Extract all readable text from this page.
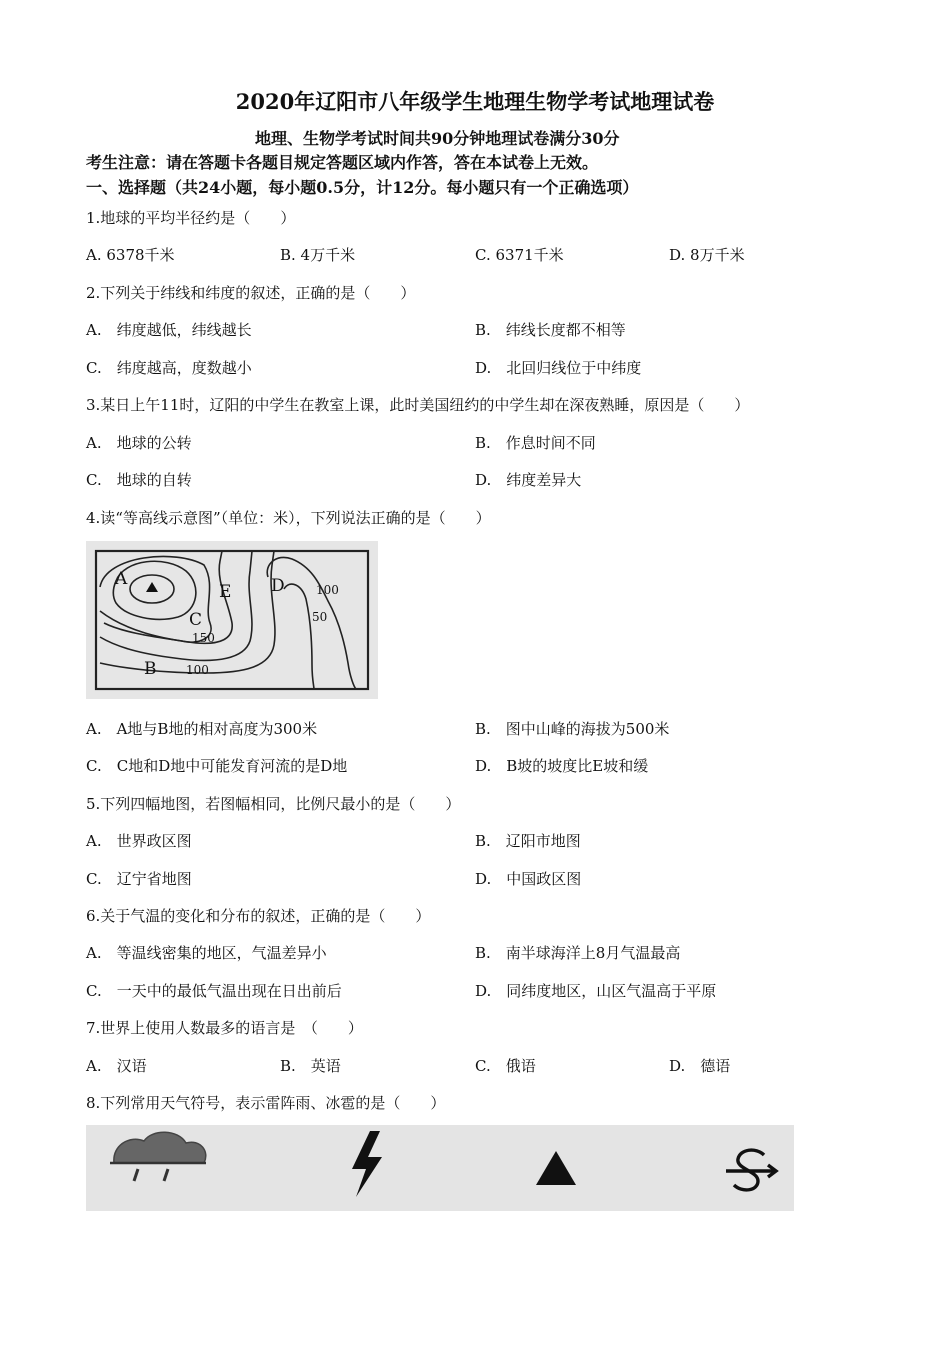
2020年辽阳市八年级学生地理生物学考试地理试卷
地理、生物学考试时间共90分钟地理试卷满分30分
考生注意：请在答题卡各题目规定答题区域内作答，答在本试卷上无效。
一、选择题（共24小题，每小题0.5分，计12分。每小题只有一个正确选项）
1.地球的平均半径约是（　　）
A. 6378千米	B. 4万千米	C. 6371千米	D. 8万千米
2.下列关于纬线和纬度的叙述，正确的是（　　）
A.　纬度越低，纬线越长	B.　纬线长度都不相等
C.　纬度越高，度数越小	D.　北回归线位于中纬度
3.某日上午11时，辽阳的中学生在教室上课，此时美国纽约的中学生却在深夜熟睡，原因是（　　）
A.　地球的公转	B.　作息时间不同
C.　地球的自转	D.　纬度差异大
4.读“等高线示意图”（单位：米），下列说法正确的是（　　）
A
B
C
D
E
150
100
100
50
A.　A地与B地的相对高度为300米	B.　图中山峰的海拔为500米
C.　C地和D地中可能发育河流的是D地	D.　B坡的坡度比E坡和缓
5.下列四幅地图，若图幅相同，比例尺最小的是（　　）
A.　世界政区图	B.　辽阳市地图
C.　辽宁省地图	D.　中国政区图
6.关于气温的变化和分布的叙述，正确的是（　　）
A.　等温线密集的地区，气温差异小	B.　南半球海洋上8月气温最高
C.　一天中的最低气温出现在日出前后	D.　同纬度地区，山区气温高于平原
7.世界上使用人数最多的语言是　（　　）
A.　汉语	B.　英语	C.　俄语	D.　德语
8.下列常用天气符号，表示雷阵雨、冰雹的是（　　）
